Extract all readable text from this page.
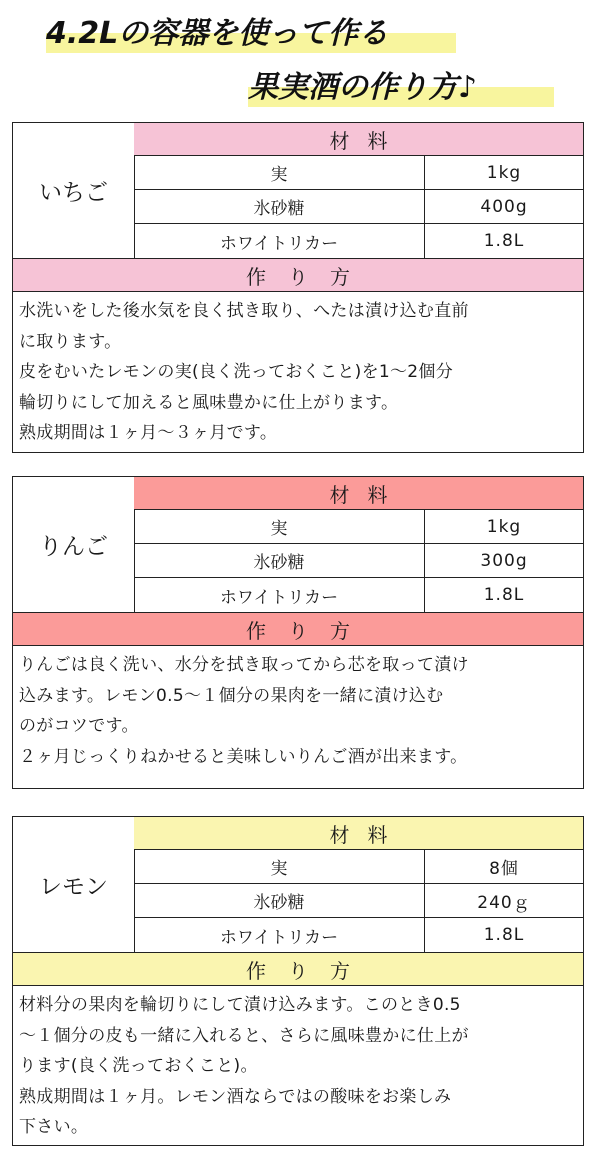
4.2Lの容器を使って作る
果実酒の作り方♪
いちご
材料
実	1kg
氷砂糖	400g
ホワイトリカー	1.8L
作り方

水洗いをした後水気を良く拭き取り、へたは漬け込む直前

に取ります。

皮をむいたレモンの実(良く洗っておくこと)を1～2個分

輪切りにして加えると風味豊かに仕上がります。

熟成期間は１ヶ月～３ヶ月です。

りんご
材料
実	1kg
氷砂糖	300g
ホワイトリカー	1.8L
作り方

りんごは良く洗い、水分を拭き取ってから芯を取って漬け

込みます。レモン0.5～１個分の果肉を一緒に漬け込む

のがコツです。

２ヶ月じっくりねかせると美味しいりんご酒が出来ます。

レモン
材料
実	8個
氷砂糖	240ｇ
ホワイトリカー	1.8L
作り方

材料分の果肉を輪切りにして漬け込みます。このとき0.5

～１個分の皮も一緒に入れると、さらに風味豊かに仕上が

ります(良く洗っておくこと)。

熟成期間は１ヶ月。レモン酒ならではの酸味をお楽しみ

下さい。
